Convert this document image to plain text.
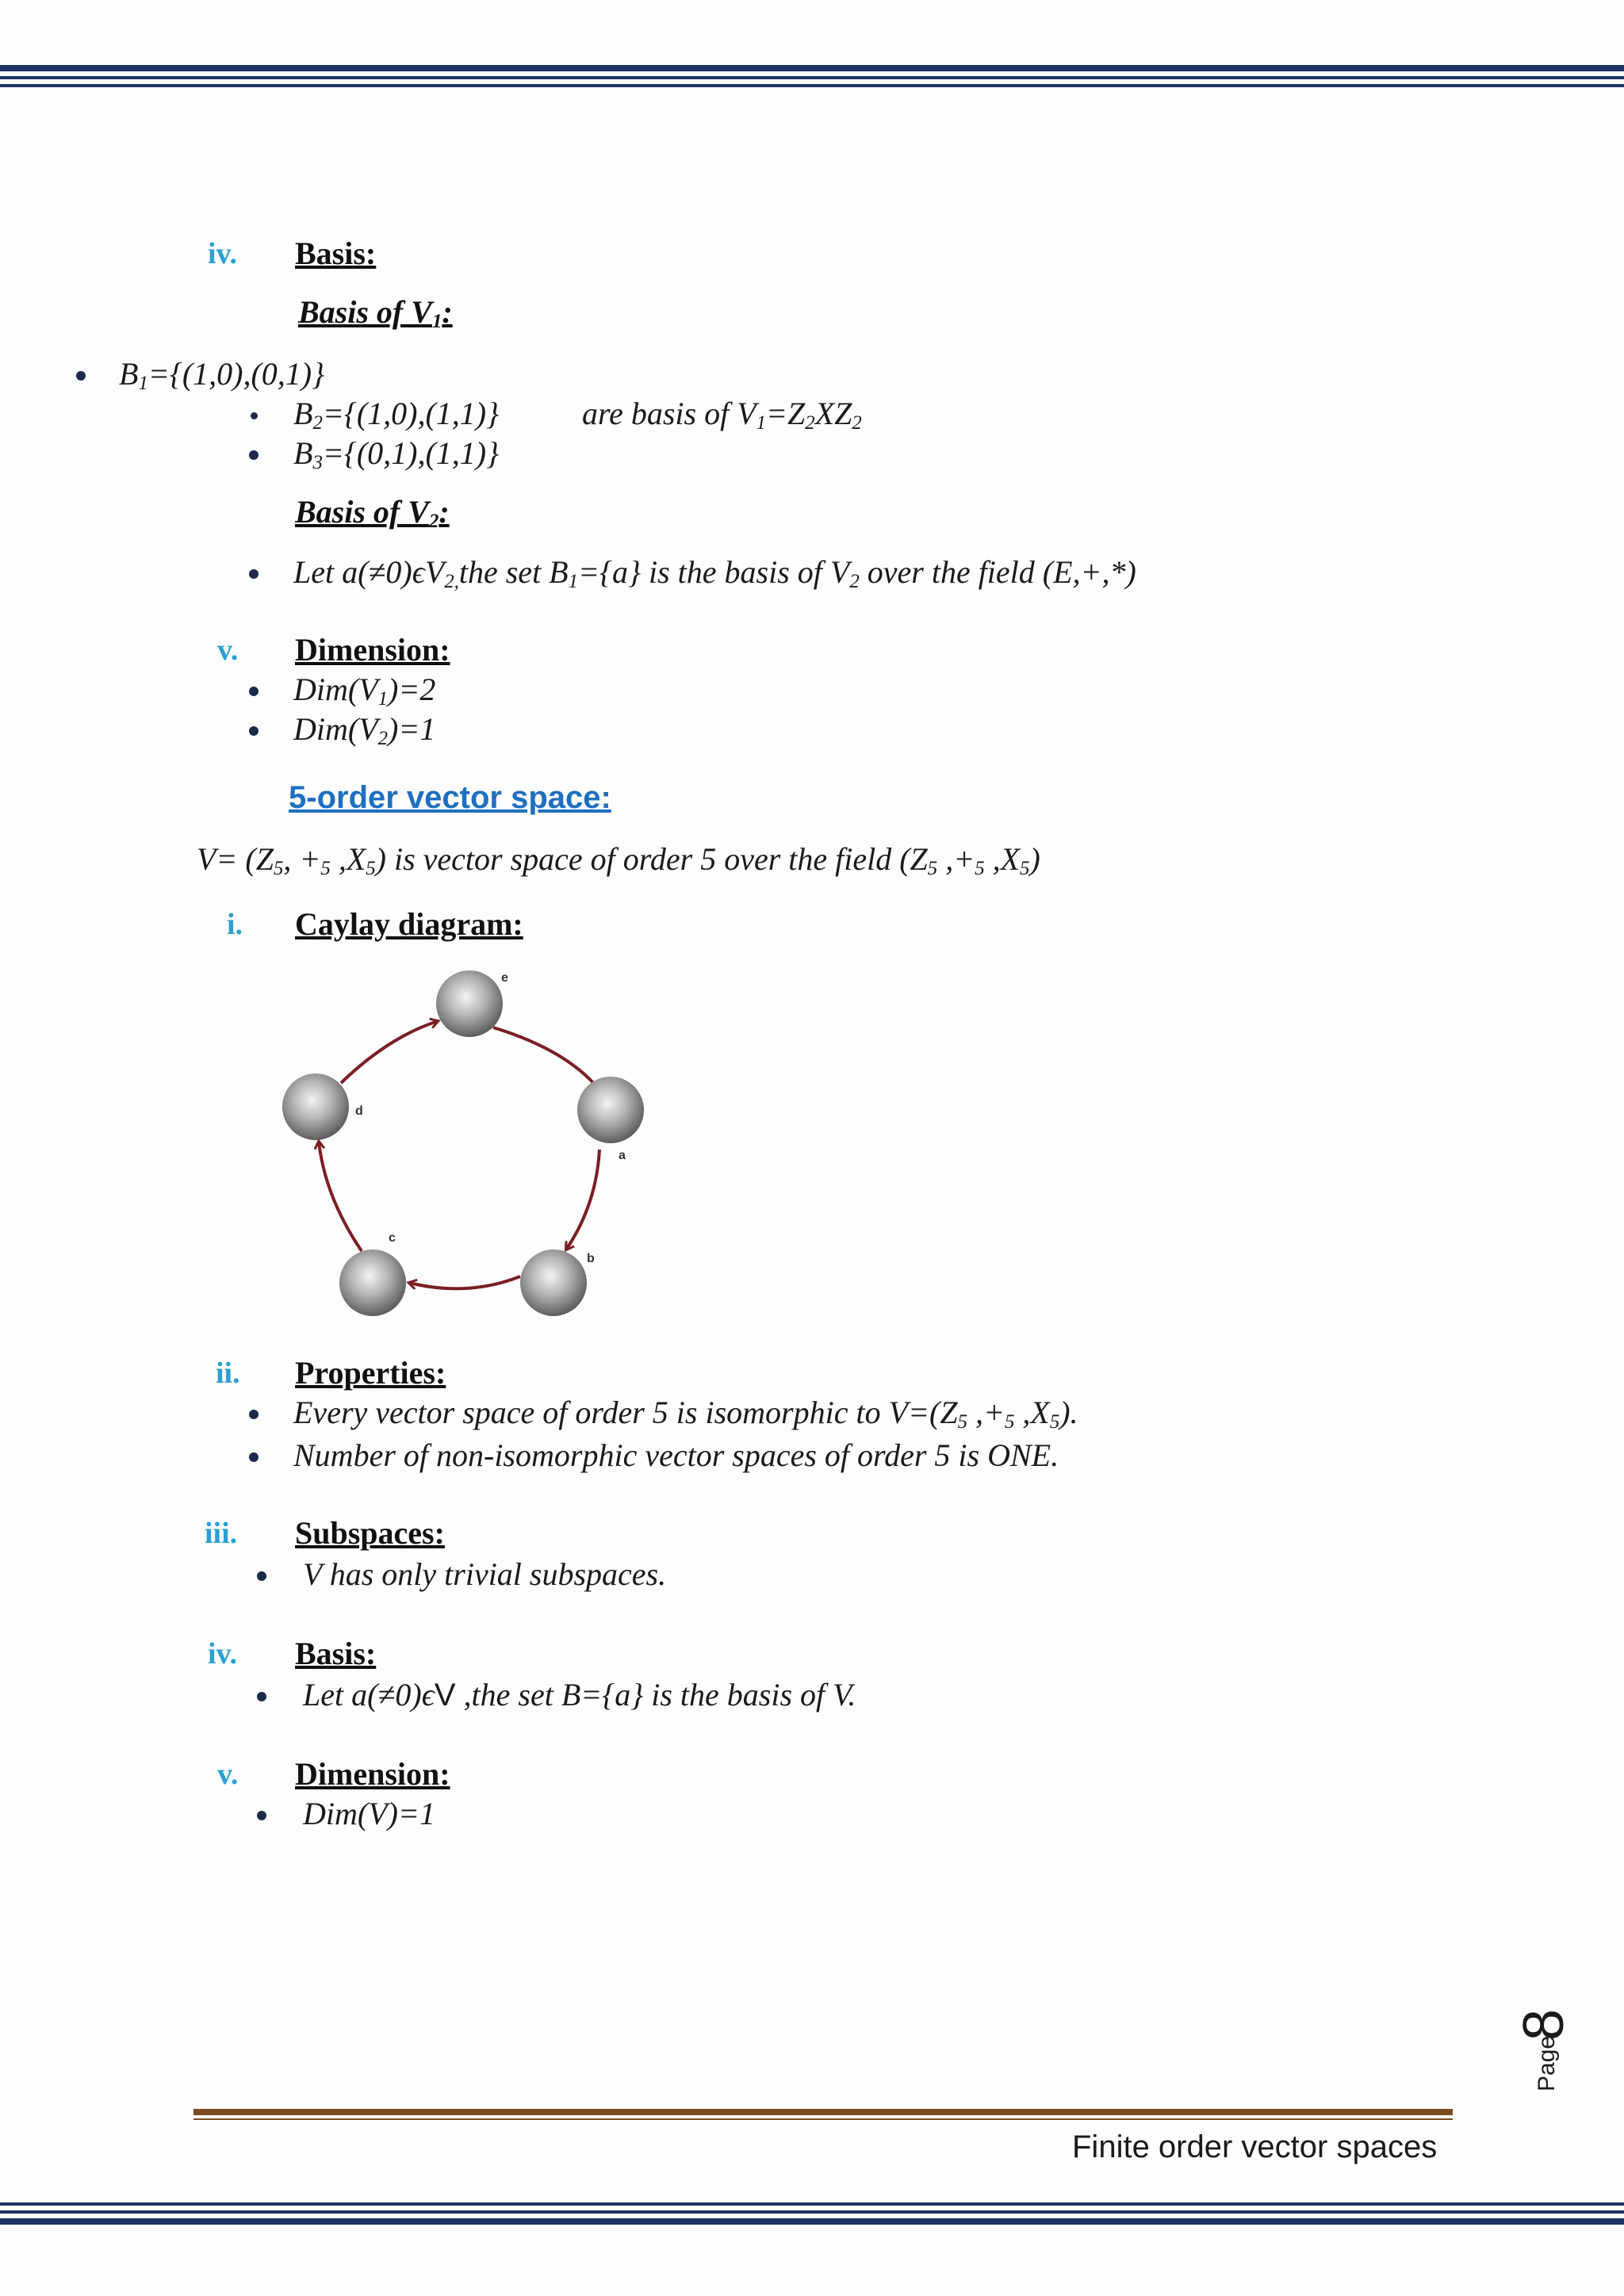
iv. Basis:
Basis of $V_1$:
$B_1=\{(1,0),(0,1)\}$
$B_2=\{(1,0),(1,1)\}$	are basis of $V_1=Z_2XZ_2$
$B_3=\{(0,1),(1,1)\}$
Basis of $V_2$:
Let $a(\ne 0)\epsilon V_{2,}the$ set $B_1=\{a\}$ is the basis of $V_2$ over the field (E,+,*)
v. Dimension:
$Dim(V_1)=2$
$Dim(V_2)=1$
5-order vector space:
$V= (Z_5$, $+_5$ $,X_5$) is vector space of order 5 over the field ($Z_5$ $,+_5$ $,X_5$)
i. Caylay diagram:
e
a
b
c
d
ii. Properties:
Every vector space of order 5 is isomorphic to $V=(Z_5$ $,+_5$ $,X_5$).
Number of non-isomorphic vector spaces of order 5 is ONE.
iii. Subspaces:
V has only trivial subspaces.
iv. Basis:
Let a(≠0)ϵV ,the set B={a} is the basis of V.
v. Dimension:
Dim(V)=1
Page
8
Finite order vector spaces
